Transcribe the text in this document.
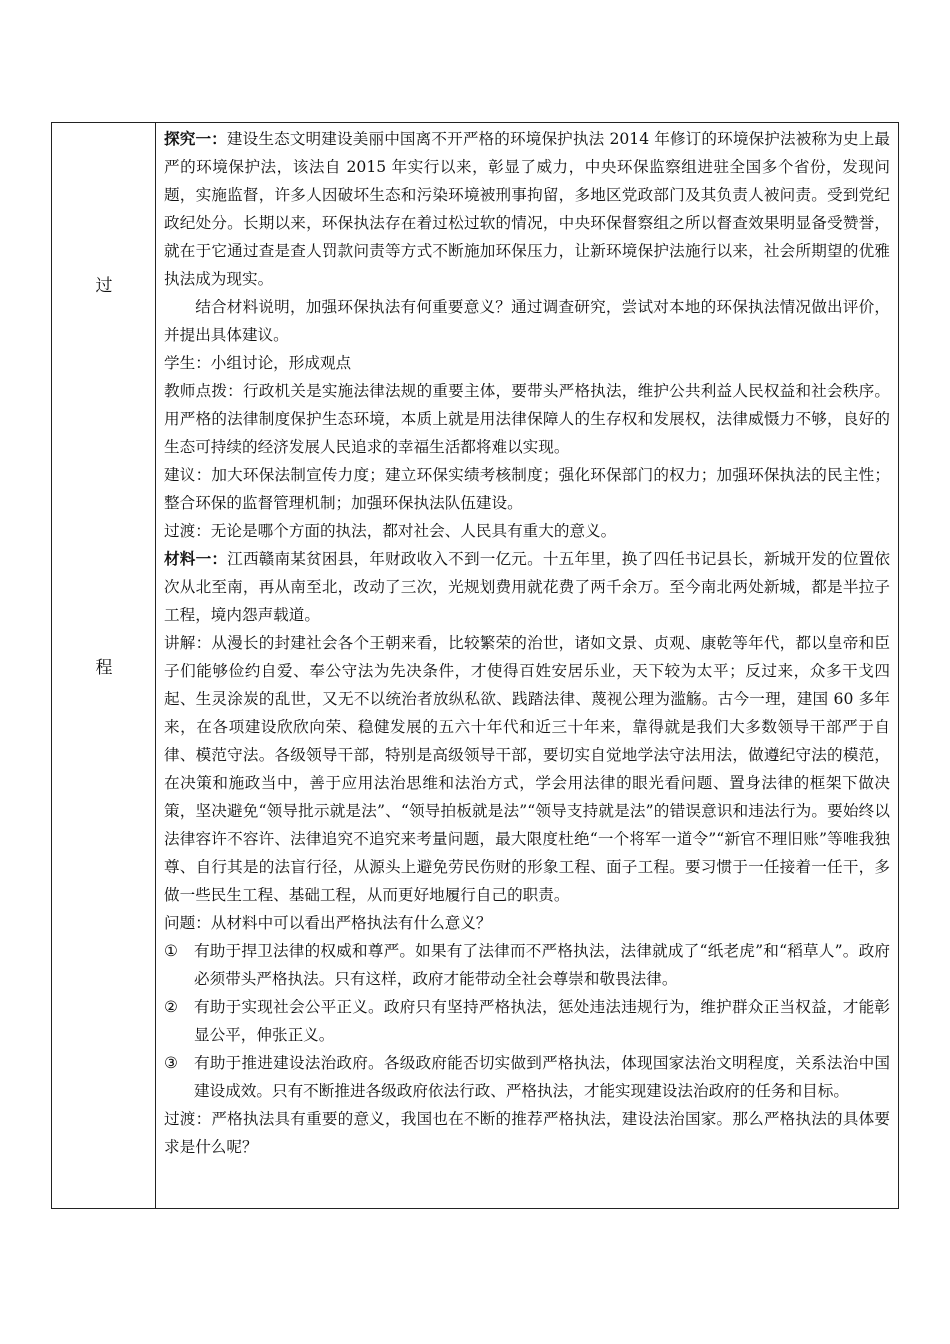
过
程

探究一：建设生态文明建设美丽中国离不开严格的环境保护执法 2014 年修订的环境保护法被称为史上最严的环境保护法，该法自 2015 年实行以来，彰显了威力，中央环保监察组进驻全国多个省份，发现问题，实施监督，许多人因破坏生态和污染环境被刑事拘留，多地区党政部门及其负责人被问责。受到党纪政纪处分。长期以来，环保执法存在着过松过软的情况，中央环保督察组之所以督查效果明显备受赞誉，就在于它通过查是查人罚款问责等方式不断施加环保压力，让新环境保护法施行以来，社会所期望的优雅执法成为现实。

结合材料说明，加强环保执法有何重要意义？通过调查研究，尝试对本地的环保执法情况做出评价，并提出具体建议。

学生：小组讨论，形成观点

教师点拨：行政机关是实施法律法规的重要主体，要带头严格执法，维护公共利益人民权益和社会秩序。用严格的法律制度保护生态环境，本质上就是用法律保障人的生存权和发展权，法律威慑力不够，良好的生态可持续的经济发展人民追求的幸福生活都将难以实现。

建议：加大环保法制宣传力度；建立环保实绩考核制度；强化环保部门的权力；加强环保执法的民主性；整合环保的监督管理机制；加强环保执法队伍建设。

过渡：无论是哪个方面的执法，都对社会、人民具有重大的意义。

材料一：江西赣南某贫困县，年财政收入不到一亿元。十五年里，换了四任书记县长，新城开发的位置依次从北至南，再从南至北，改动了三次，光规划费用就花费了两千余万。至今南北两处新城，都是半拉子工程，境内怨声载道。

讲解：从漫长的封建社会各个王朝来看，比较繁荣的治世，诸如文景、贞观、康乾等年代，都以皇帝和臣子们能够俭约自爱、奉公守法为先决条件，才使得百姓安居乐业，天下较为太平；反过来，众多干戈四起、生灵涂炭的乱世，又无不以统治者放纵私欲、践踏法律、蔑视公理为滥觞。古今一理，建国 60 多年来，在各项建设欣欣向荣、稳健发展的五六十年代和近三十年来，靠得就是我们大多数领导干部严于自律、模范守法。各级领导干部，特别是高级领导干部，要切实自觉地学法守法用法，做遵纪守法的模范，在决策和施政当中，善于应用法治思维和法治方式，学会用法律的眼光看问题、置身法律的框架下做决策，坚决避免“领导批示就是法”、“领导拍板就是法”“领导支持就是法”的错误意识和违法行为。要始终以法律容许不容许、法律追究不追究来考量问题，最大限度杜绝“一个将军一道令”“新官不理旧账”等唯我独尊、自行其是的法盲行径，从源头上避免劳民伤财的形象工程、面子工程。要习惯于一任接着一任干，多做一些民生工程、基础工程，从而更好地履行自己的职责。

问题：从材料中可以看出严格执法有什么意义？

①	有助于捍卫法律的权威和尊严。如果有了法律而不严格执法，法律就成了“纸老虎”和“稻草人”。政府必须带头严格执法。只有这样，政府才能带动全社会尊崇和敬畏法律。
②	有助于实现社会公平正义。政府只有坚持严格执法，惩处违法违规行为，维护群众正当权益，才能彰显公平，伸张正义。
③	有助于推进建设法治政府。各级政府能否切实做到严格执法，体现国家法治文明程度，关系法治中国建设成效。只有不断推进各级政府依法行政、严格执法，才能实现建设法治政府的任务和目标。

过渡：严格执法具有重要的意义，我国也在不断的推荐严格执法，建设法治国家。那么严格执法的具体要求是什么呢？
